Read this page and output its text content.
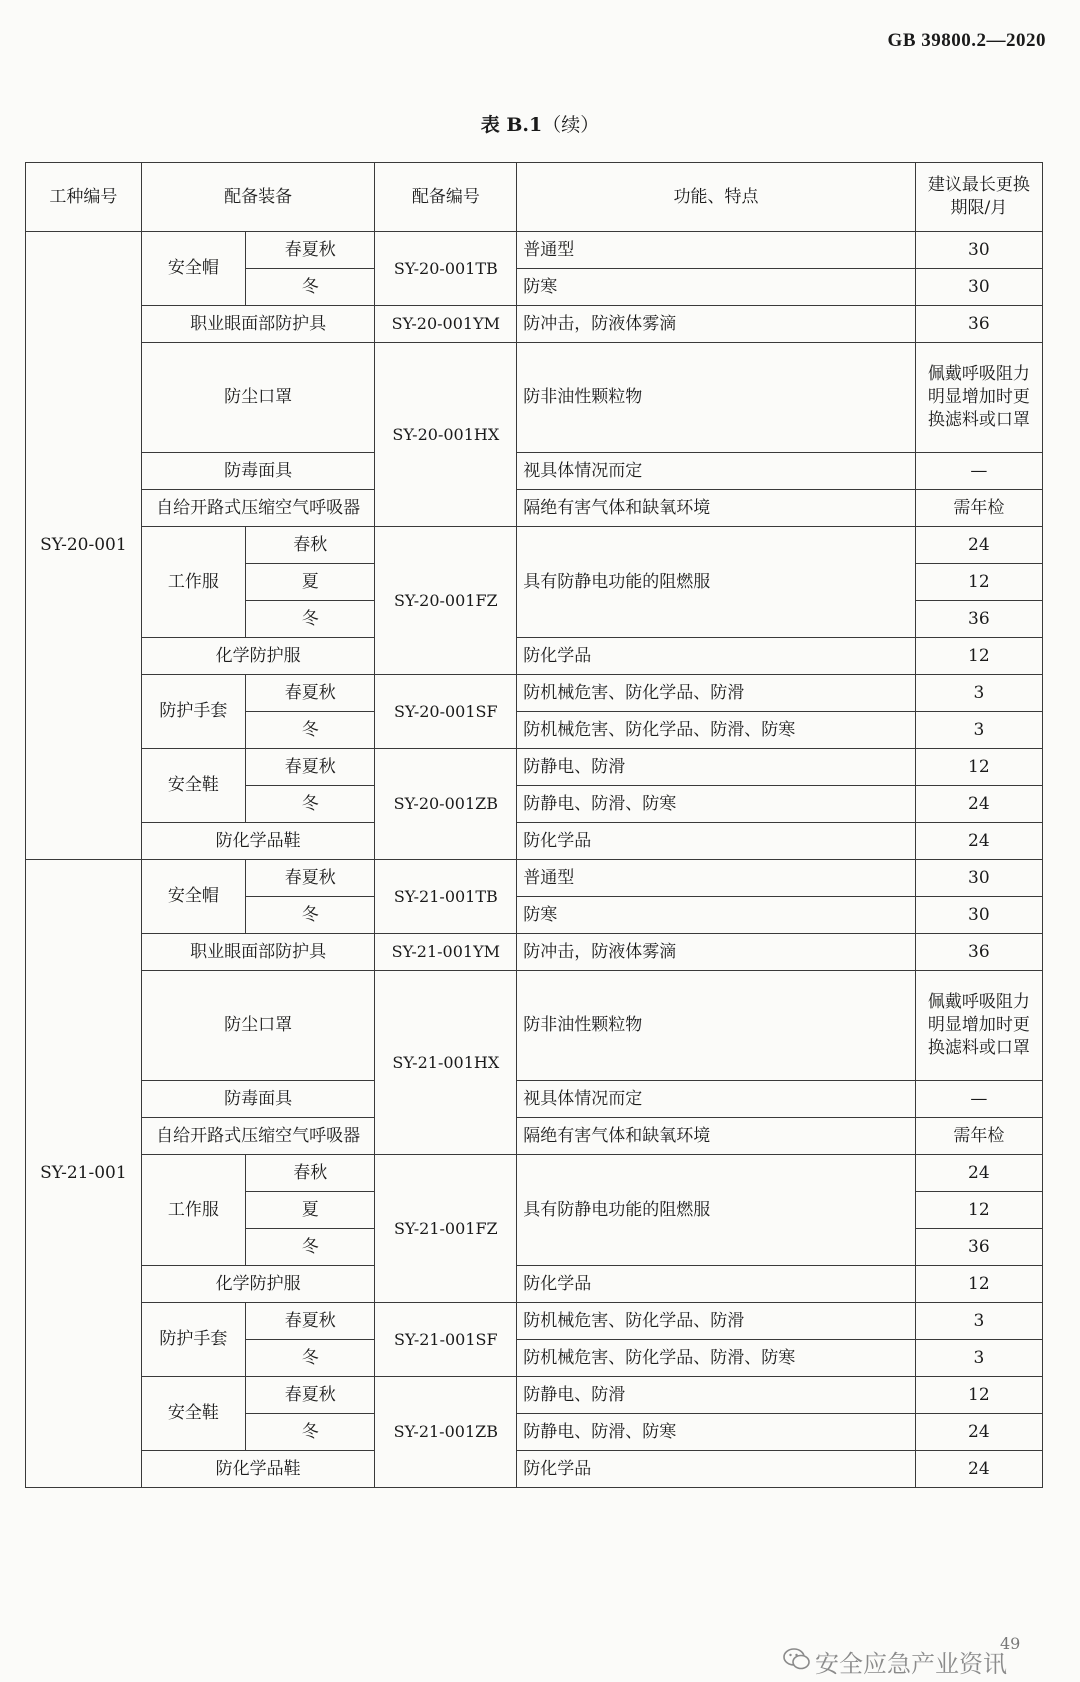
GB 39800.2—2020
表 B.1（续）
工种编号	配备装备		配备编号	功能、特点	建议最长更换期限/月
SY-20-001	安全帽	春夏秋	SY-20-001TB	普通型	30
		冬		防寒	30
	职业眼面部防护具		SY-20-001YM	防冲击，防液体雾滴	36
	防尘口罩		SY-20-001HX	防非油性颗粒物	佩戴呼吸阻力明显增加时更换滤料或口罩
	防毒面具			视具体情况而定	—
	自给开路式压缩空气呼吸器			隔绝有害气体和缺氧环境	需年检
	工作服	春秋	SY-20-001FZ	具有防静电功能的阻燃服	24
		夏			12
		冬			36
	化学防护服			防化学品	12
	防护手套	春夏秋	SY-20-001SF	防机械危害、防化学品、防滑	3
		冬		防机械危害、防化学品、防滑、防寒	3
	安全鞋	春夏秋	SY-20-001ZB	防静电、防滑	12
		冬		防静电、防滑、防寒	24
	防化学品鞋			防化学品	24
SY-21-001	安全帽	春夏秋	SY-21-001TB	普通型	30
		冬		防寒	30
	职业眼面部防护具		SY-21-001YM	防冲击，防液体雾滴	36
	防尘口罩		SY-21-001HX	防非油性颗粒物	佩戴呼吸阻力明显增加时更换滤料或口罩
	防毒面具			视具体情况而定	—
	自给开路式压缩空气呼吸器			隔绝有害气体和缺氧环境	需年检
	工作服	春秋	SY-21-001FZ	具有防静电功能的阻燃服	24
		夏			12
		冬			36
	化学防护服			防化学品	12
	防护手套	春夏秋	SY-21-001SF	防机械危害、防化学品、防滑	3
		冬		防机械危害、防化学品、防滑、防寒	3
	安全鞋	春夏秋	SY-21-001ZB	防静电、防滑	12
		冬		防静电、防滑、防寒	24
	防化学品鞋			防化学品	24
49
安全应急产业资讯
